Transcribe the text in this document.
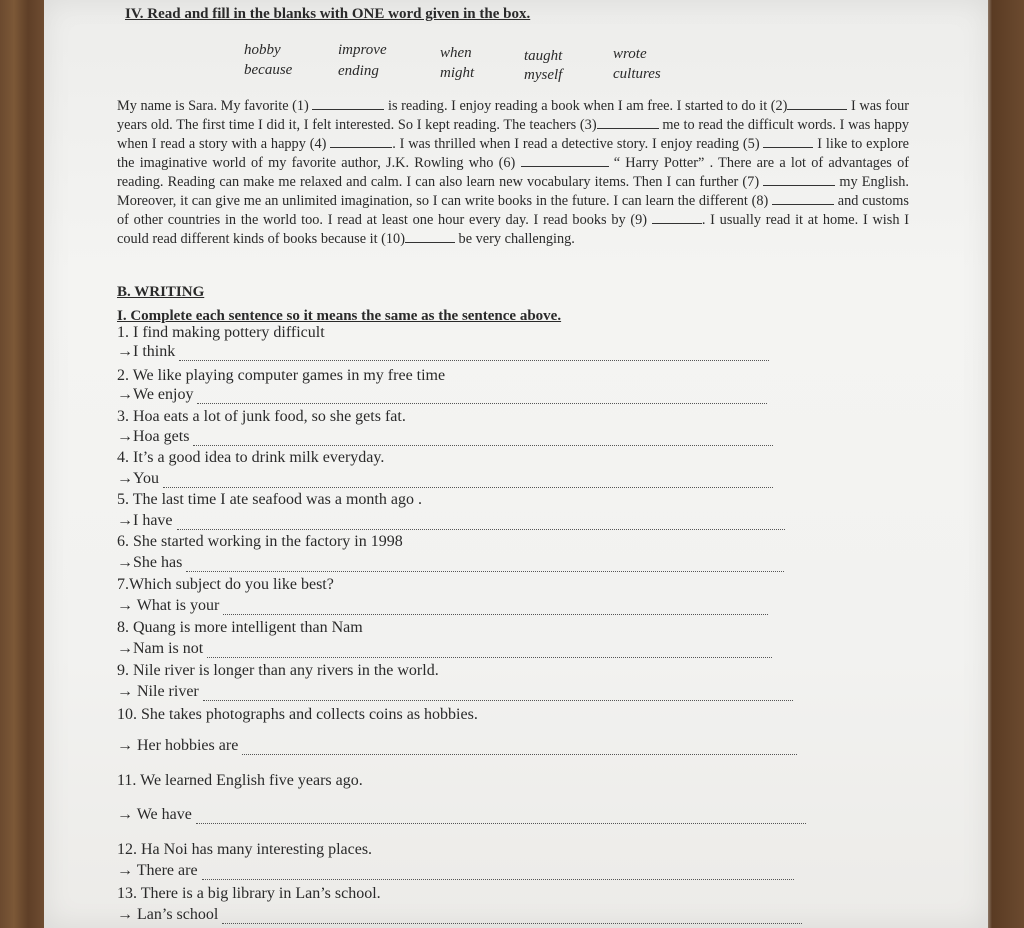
IV. Read and fill in the blanks with ONE word given in the box.
hobby	improve	when	taught	wrote
because	ending	might	myself	cultures
My name is Sara. My favorite (1)	is reading. I enjoy reading a book when I am free. I started to do it (2)	I was four years old. The first time I did it, I felt interested. So I kept reading. The teachers (3)	me to read the difficult words. I was happy when I read a story with a happy (4)	. I was thrilled when I read a detective story. I enjoy reading (5)	I like to explore the imaginative world of my favorite author, J.K. Rowling who (6)	“ Harry Potter” . There are a lot of advantages of reading. Reading can make me relaxed and calm. I can also learn new vocabulary items. Then I can further (7)	my English. Moreover, it can give me an unlimited imagination, so I can write books in the future. I can learn the different (8)	and customs of other countries in the world too. I read at least one hour every day. I read books by (9)	. I usually read it at home. I wish I could read different kinds of books because it (10)	be very challenging.
B. WRITING
I. Complete each sentence so it means the same as the sentence above.
1. I find making pottery difficult
→I think
2. We like playing computer games in my free time
→We enjoy
3. Hoa eats a lot of junk food, so she gets fat.
→Hoa gets
4. It’s a good idea to drink milk everyday.
→You
5. The last time I ate seafood was a month ago .
→I have
6. She started working in the factory in 1998
→She has
7.Which subject do you like best?
→ What is your
8. Quang is more intelligent than Nam
→Nam is not
9. Nile river is longer than any rivers in the world.
→ Nile river
10. She takes photographs and collects coins as hobbies.
→ Her hobbies are
11. We learned English five years ago.
→ We have
12. Ha Noi has many interesting places.
→ There are
13. There is a big library in Lan’s school.
→ Lan’s school
